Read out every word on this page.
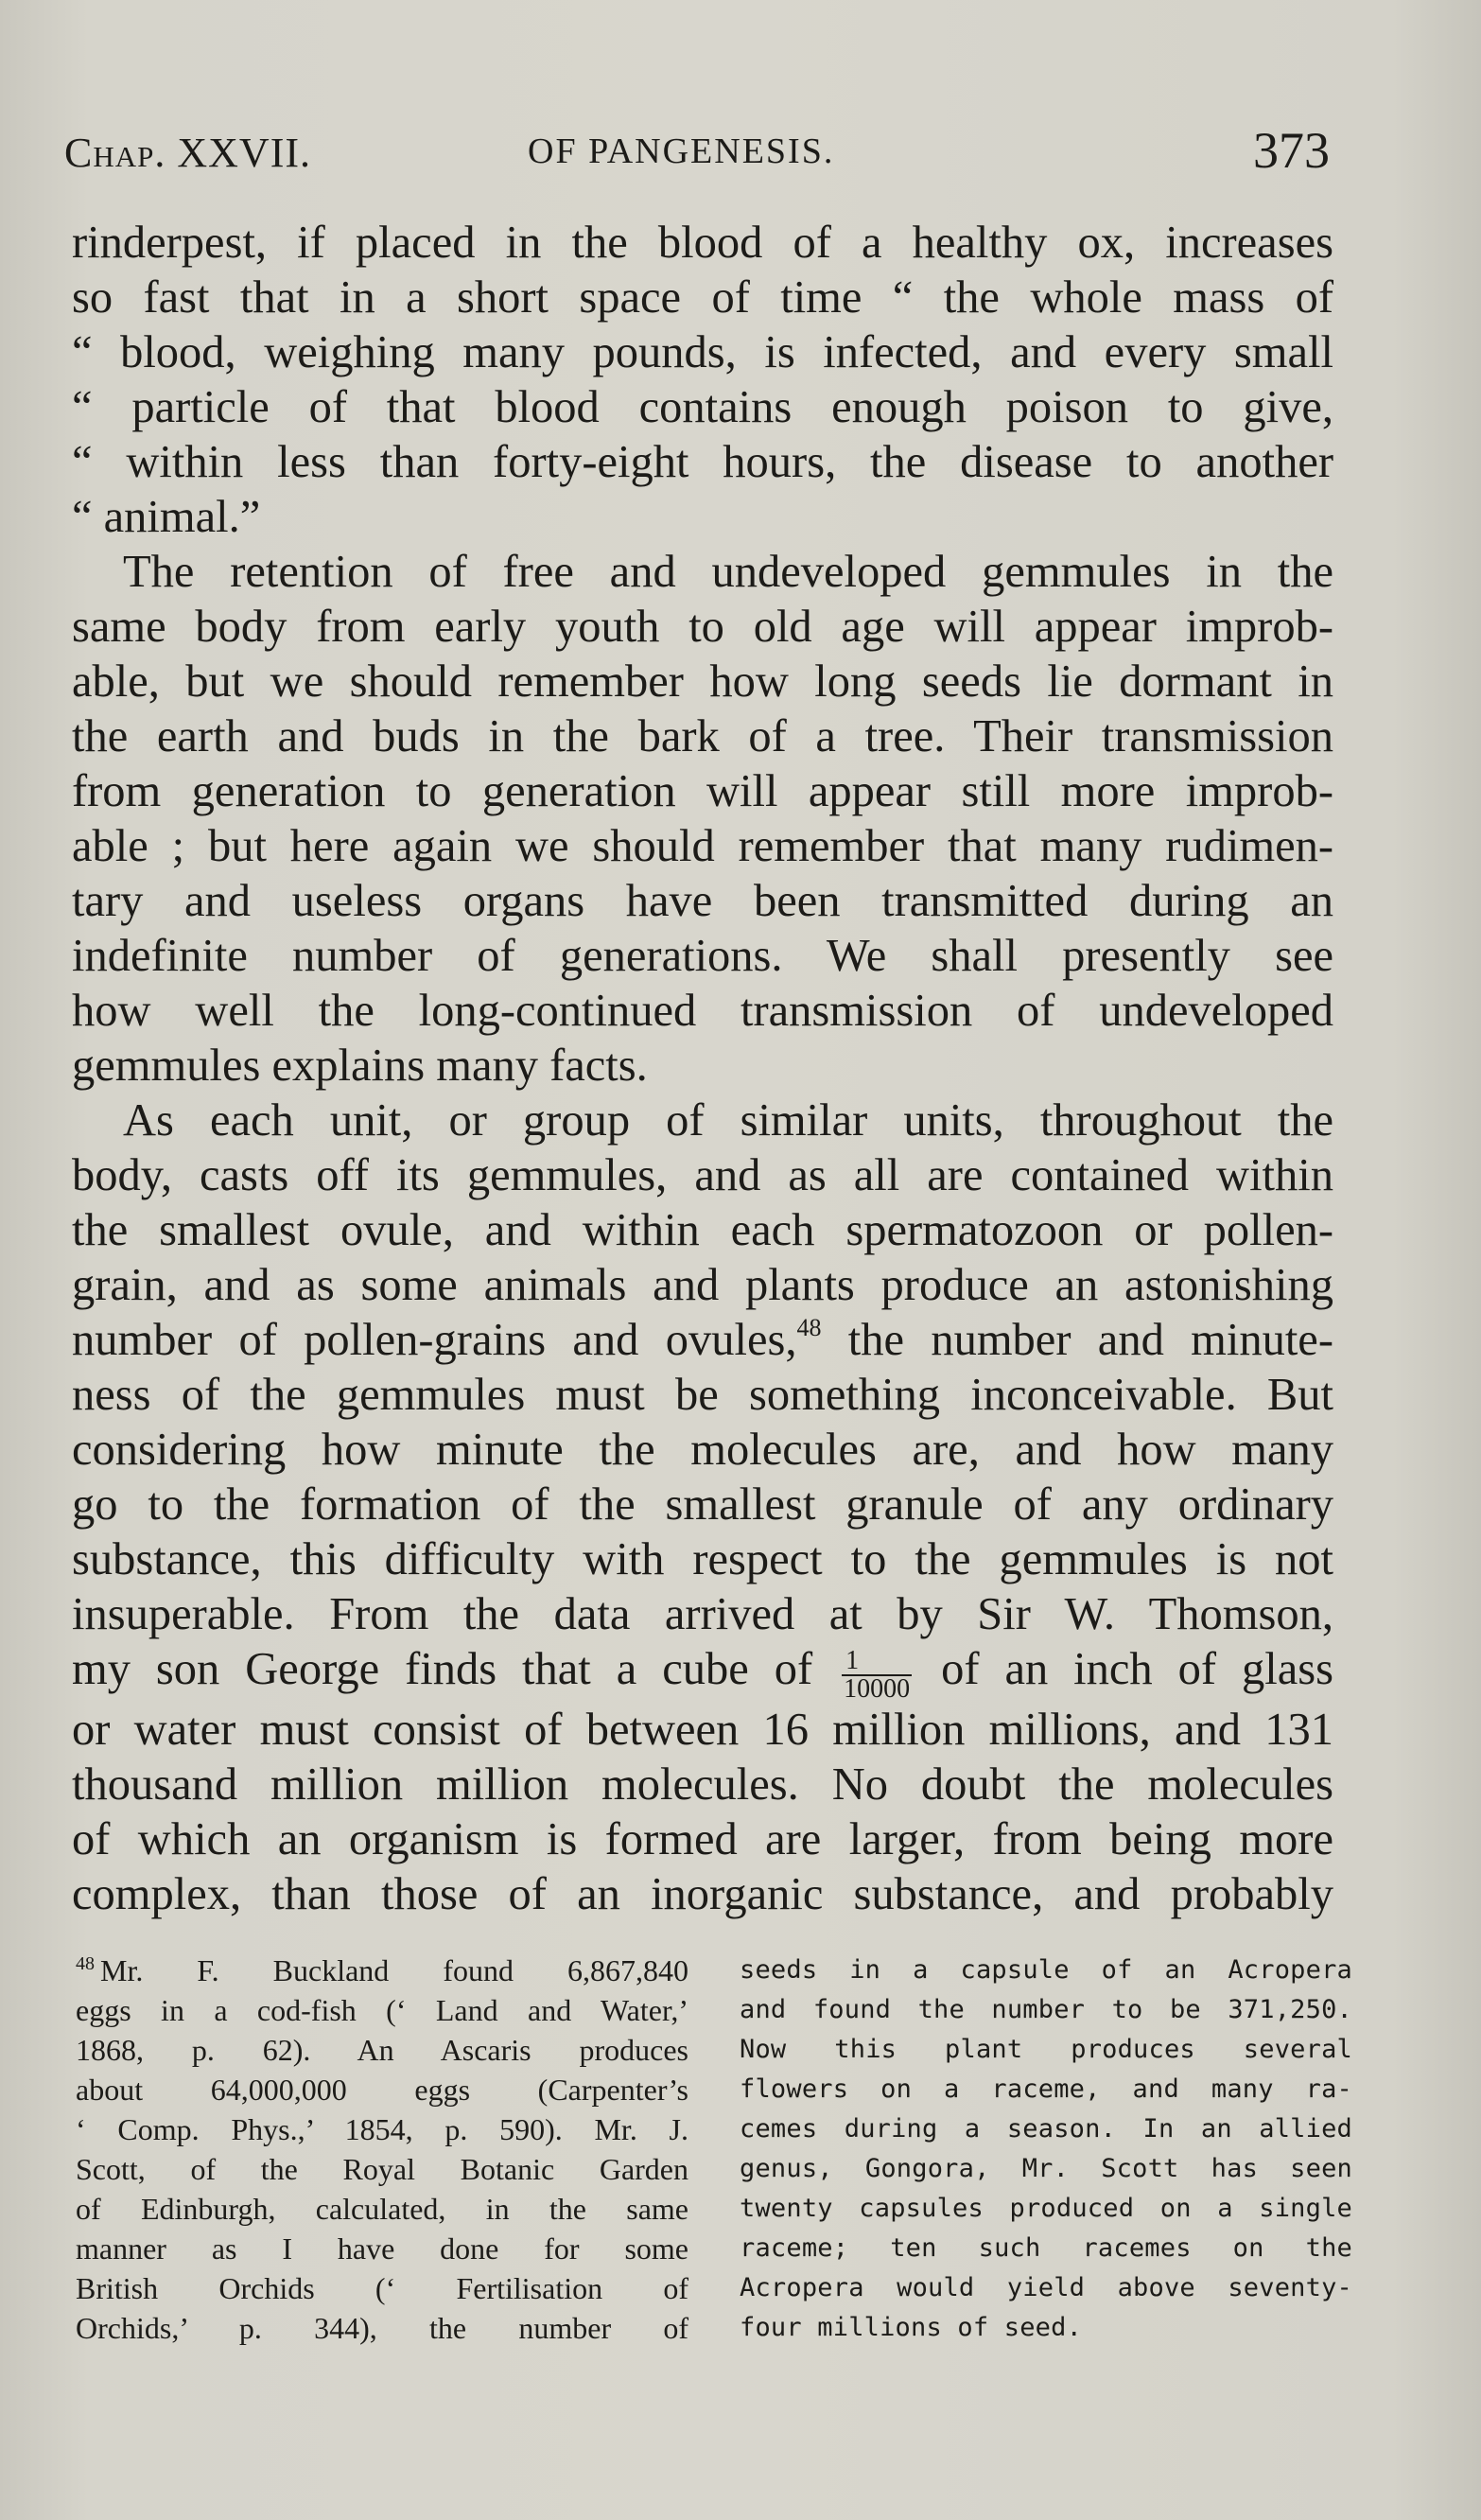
Chap. XXVII.	OF PANGENESIS.	373
rinderpest, if placed in the blood of a healthy ox, increases
so fast that in a short space of time “ the whole mass of
“ blood, weighing many pounds, is infected, and every small
“ particle of that blood contains enough poison to give,
“ within less than forty-eight hours, the disease to another
“ animal.”
The retention of free and undeveloped gemmules in the
same body from early youth to old age will appear improb-
able, but we should remember how long seeds lie dormant in
the earth and buds in the bark of a tree. Their transmission
from generation to generation will appear still more improb-
able ; but here again we should remember that many rudimen-
tary and useless organs have been transmitted during an
indefinite number of generations. We shall presently see
how well the long-continued transmission of undeveloped
gemmules explains many facts.
As each unit, or group of similar units, throughout the
body, casts off its gemmules, and as all are contained within
the smallest ovule, and within each spermatozoon or pollen-
grain, and as some animals and plants produce an astonishing
number of pollen-grains and ovules,$^{48}$ the number and minute-
ness of the gemmules must be something inconceivable. But
considering how minute the molecules are, and how many
go to the formation of the smallest granule of any ordinary
substance, this difficulty with respect to the gemmules is not
insuperable. From the data arrived at by Sir W. Thomson,
my son George finds that a cube of $\frac{1}{10000}$ of an inch of glass
or water must consist of between 16 million millions, and 131
thousand million million molecules. No doubt the molecules
of which an organism is formed are larger, from being more
complex, than those of an inorganic substance, and probably
$^{48}$ Mr. F. Buckland found 6,867,840
eggs in a cod-fish (‘ Land and Water,’
1868, p. 62). An Ascaris produces
about 64,000,000 eggs (Carpenter’s
‘ Comp. Phys.,’ 1854, p. 590). Mr. J.
Scott, of the Royal Botanic Garden
of Edinburgh, calculated, in the same
manner as I have done for some
British Orchids (‘ Fertilisation of
Orchids,’ p. 344), the number of
seeds in a capsule of an Acropera
and found the number to be 371,250.
Now this plant produces several
flowers on a raceme, and many ra-
cemes during a season. In an allied
genus, Gongora, Mr. Scott has seen
twenty capsules produced on a single
raceme; ten such racemes on the
Acropera would yield above seventy-
four millions of seed.
